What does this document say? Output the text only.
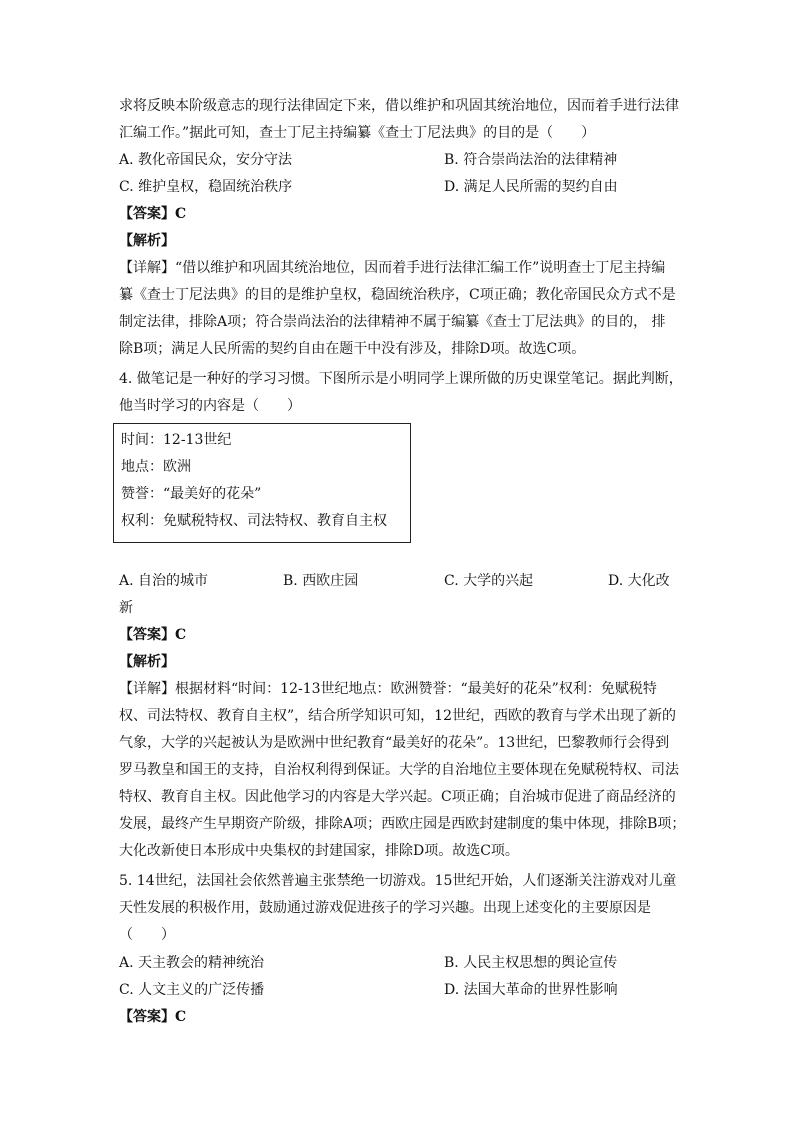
求将反映本阶级意志的现行法律固定下来，借以维护和巩固其统治地位，因而着手进行法律
汇编工作。”据此可知，查士丁尼主持编纂《查士丁尼法典》的目的是（　　）
A. 教化帝国民众，安分守法	B. 符合崇尚法治的法律精神
C. 维护皇权，稳固统治秩序	D. 满足人民所需的契约自由
【答案】C
【解析】
【详解】“借以维护和巩固其统治地位，因而着手进行法律汇编工作”说明查士丁尼主持编
纂《查士丁尼法典》的目的是维护皇权，稳固统治秩序，C项正确；教化帝国民众方式不是
制定法律，排除A项；符合崇尚法治的法律精神不属于编纂《查士丁尼法典》的目的， 排
除B项；满足人民所需的契约自由在题干中没有涉及，排除D项。故选C项。
4. 做笔记是一种好的学习习惯。下图所示是小明同学上课所做的历史课堂笔记。据此判断，
他当时学习的内容是（　　）
时间：12-13世纪
地点：欧洲
赞誉：“最美好的花朵”
权利：免赋税特权、司法特权、教育自主权
A. 自治的城市	B. 西欧庄园	C. 大学的兴起	D. 大化改
新
【答案】C
【解析】
【详解】根据材料“时间：12-13世纪地点：欧洲赞誉：“最美好的花朵”权利：免赋税特
权、司法特权、教育自主权”，结合所学知识可知，12世纪，西欧的教育与学术出现了新的
气象，大学的兴起被认为是欧洲中世纪教育“最美好的花朵”。13世纪，巴黎教师行会得到
罗马教皇和国王的支持，自治权利得到保证。大学的自治地位主要体现在免赋税特权、司法
特权、教育自主权。因此他学习的内容是大学兴起。C项正确；自治城市促进了商品经济的
发展，最终产生早期资产阶级，排除A项；西欧庄园是西欧封建制度的集中体现，排除B项；
大化改新使日本形成中央集权的封建国家，排除D项。故选C项。
5. 14世纪，法国社会依然普遍主张禁绝一切游戏。15世纪开始，人们逐渐关注游戏对儿童
天性发展的积极作用，鼓励通过游戏促进孩子的学习兴趣。出现上述变化的主要原因是
（　　）
A. 天主教会的精神统治	B. 人民主权思想的舆论宣传
C. 人文主义的广泛传播	D. 法国大革命的世界性影响
【答案】C
